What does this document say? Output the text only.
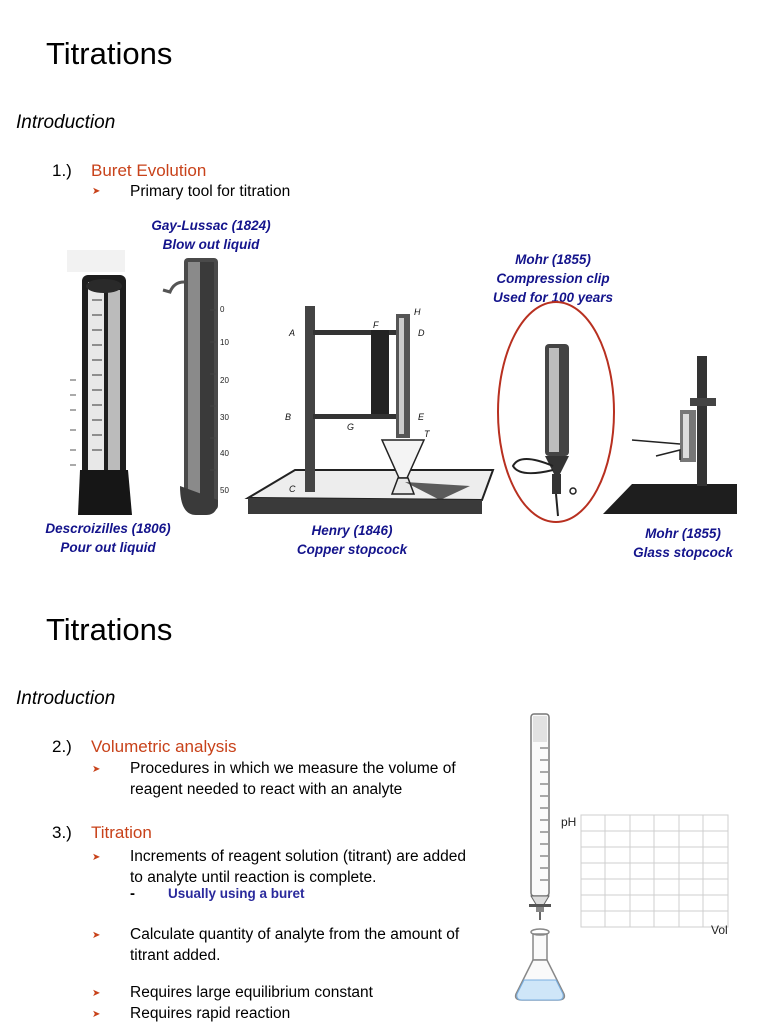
Titrations
Introduction
1.) Buret Evolution
➤ Primary tool for titration
Gay-Lussac (1824)
Blow out liquid
Mohr (1855)
Compression clip
Used for 100 years
Descroizilles (1806)
Pour out liquid
Henry (1846)
Copper stopcock
Mohr (1855)
Glass stopcock
0
10
20
30
40
50
A
B
F
G
H
D
E
T
C
Titrations
Introduction
2.) Volumetric analysis
➤ Procedures in which we measure the volume of
reagent needed to react with an analyte
3.) Titration
➤ Increments of reagent solution (titrant) are added
to analyte until reaction is complete.
- Usually using a buret
➤ Calculate quantity of analyte from the amount of
titrant added.
➤ Requires large equilibrium constant
➤ Requires rapid reaction
pH
Vol
